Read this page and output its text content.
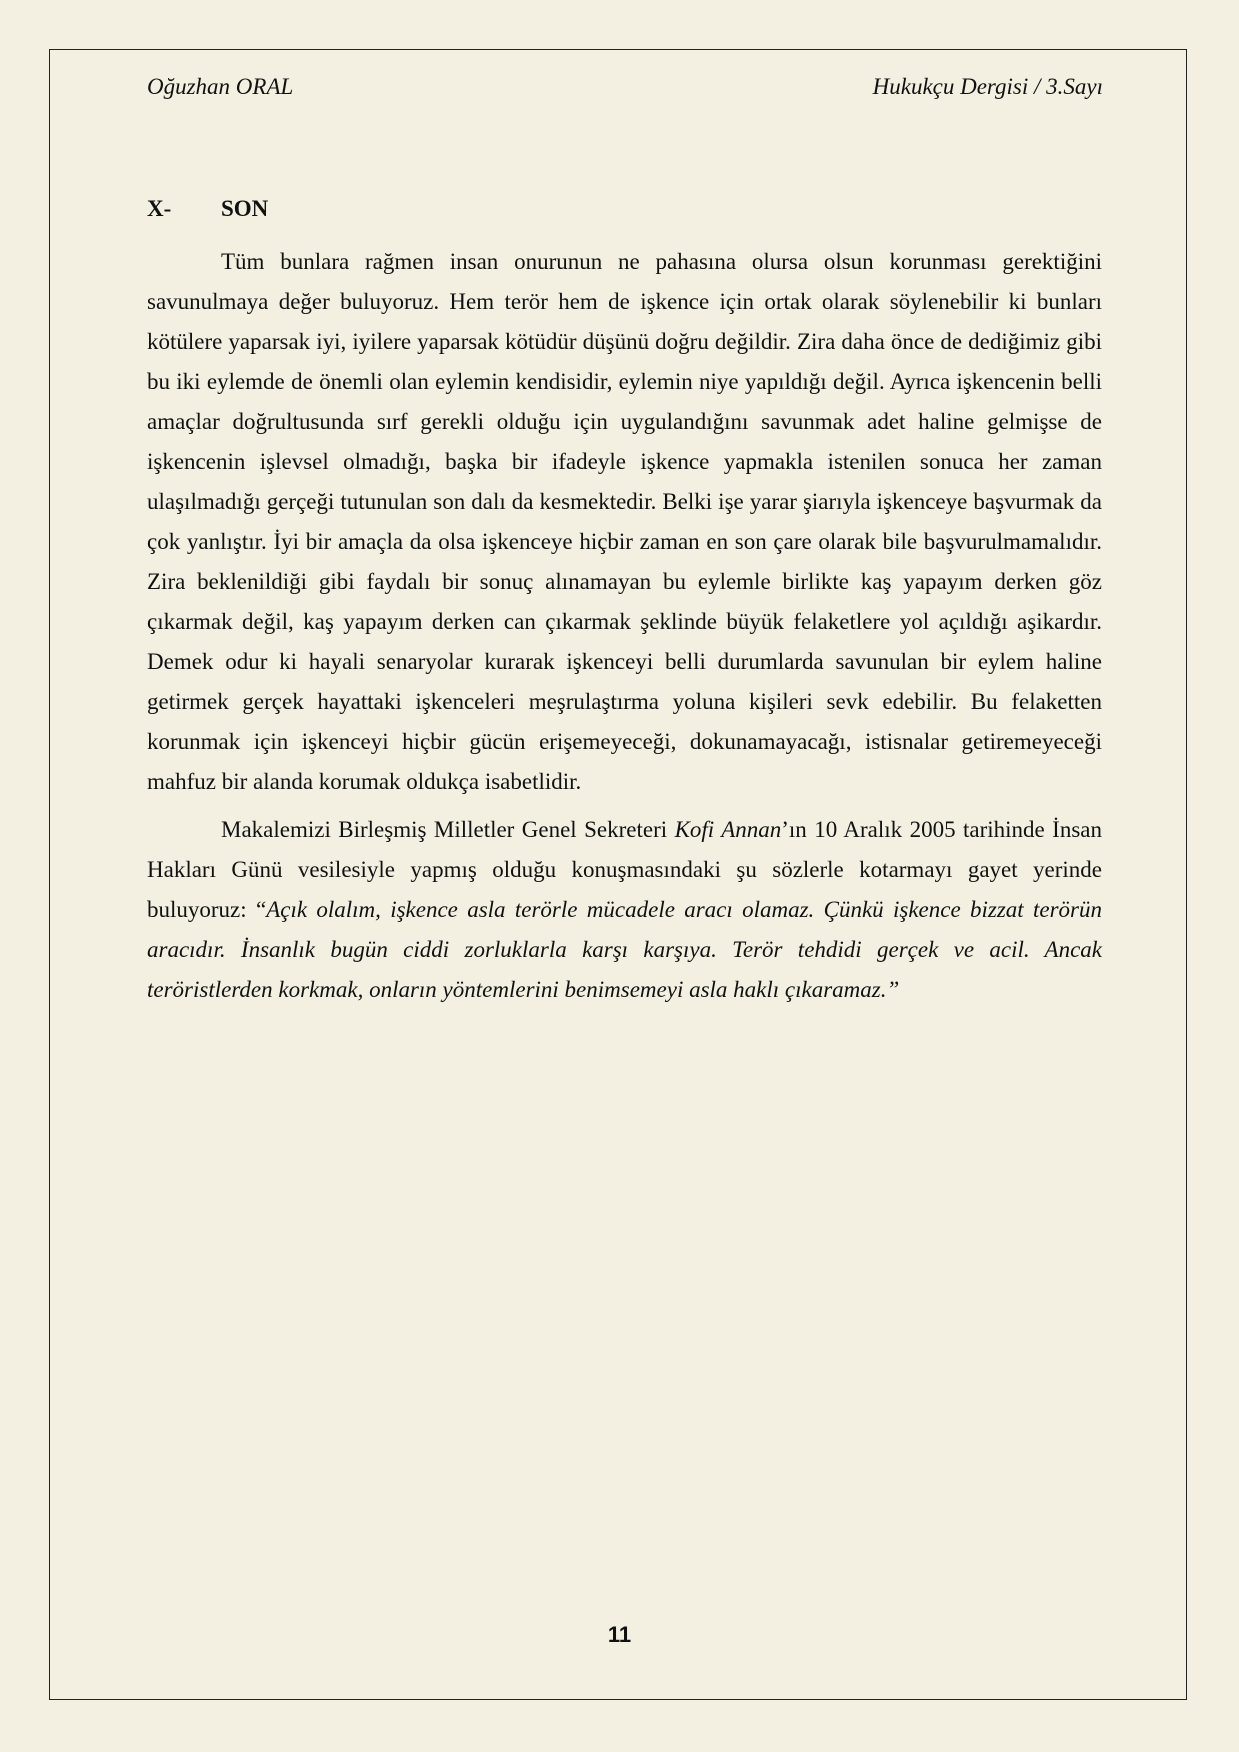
Oğuzhan ORAL	Hukukçu Dergisi / 3.Sayı
X- SON

Tüm bunlara rağmen insan onurunun ne pahasına olursa olsun korunması gerektiğini savunulmaya değer buluyoruz. Hem terör hem de işkence için ortak olarak söylenebilir ki bunları kötülere yaparsak iyi, iyilere yaparsak kötüdür düşünü doğru değildir. Zira daha önce de dediğimiz gibi bu iki eylemde de önemli olan eylemin kendisidir, eylemin niye yapıldığı değil. Ayrıca işkencenin belli amaçlar doğrultusunda sırf gerekli olduğu için uygulandığını savunmak adet haline gelmişse de işkencenin işlevsel olmadığı, başka bir ifadeyle işkence yapmakla istenilen sonuca her zaman ulaşılmadığı gerçeği tutunulan son dalı da kesmektedir. Belki işe yarar şiarıyla işkenceye başvurmak da çok yanlıştır. İyi bir amaçla da olsa işkenceye hiçbir zaman en son çare olarak bile başvurulmamalıdır. Zira beklenildiği gibi faydalı bir sonuç alınamayan bu eylemle birlikte kaş yapayım derken göz çıkarmak değil, kaş yapayım derken can çıkarmak şeklinde büyük felaketlere yol açıldığı aşikardır. Demek odur ki hayali senaryolar kurarak işkenceyi belli durumlarda savunulan bir eylem haline getirmek gerçek hayattaki işkenceleri meşrulaştırma yoluna kişileri sevk edebilir. Bu felaketten korunmak için işkenceyi hiçbir gücün erişemeyeceği, dokunamayacağı, istisnalar getiremeyeceği mahfuz bir alanda korumak oldukça isabetlidir.

Makalemizi Birleşmiş Milletler Genel Sekreteri Kofi Annan’ın 10 Aralık 2005 tarihinde İnsan Hakları Günü vesilesiyle yapmış olduğu konuşmasındaki şu sözlerle kotarmayı gayet yerinde buluyoruz: “Açık olalım, işkence asla terörle mücadele aracı olamaz. Çünkü işkence bizzat terörün aracıdır. İnsanlık bugün ciddi zorluklarla karşı karşıya. Terör tehdidi gerçek ve acil. Ancak teröristlerden korkmak, onların yöntemlerini benimsemeyi asla haklı çıkaramaz.”

11
